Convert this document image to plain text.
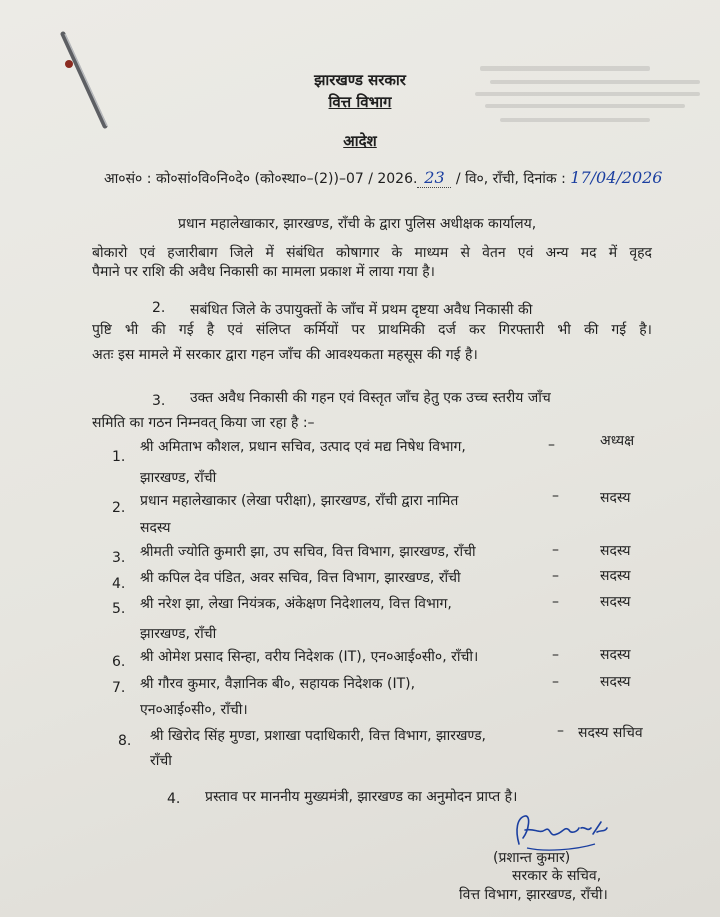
झारखण्ड सरकार
वित्त विभाग
आदेश
आ०सं० : को०सां०वि०नि०दे० (को०स्था०–(2))–07 / 2026. 23 / वि०, राँची, दिनांक : 17/04/2026
प्रधान महालेखाकार, झारखण्ड, राँची के द्वारा पुलिस अधीक्षक कार्यालय,
बोकारो एवं हजारीबाग जिले में संबंधित कोषागार के माध्यम से वेतन एवं अन्य मद में वृहद
पैमाने पर राशि की अवैध निकासी का मामला प्रकाश में लाया गया है।
2. सबंधित जिले के उपायुक्तों के जाँच में प्रथम दृष्टया अवैध निकासी की
पुष्टि भी की गई है एवं संलिप्त कर्मियों पर प्राथमिकी दर्ज कर गिरफ्तारी भी की गई है।
अतः इस मामले में सरकार द्वारा गहन जाँच की आवश्यकता महसूस की गई है।
3. उक्त अवैध निकासी की गहन एवं विस्तृत जाँच हेतु एक उच्च स्तरीय जाँच
समिति का गठन निम्नवत् किया जा रहा है :–
1.
श्री अमिताभ कौशल, प्रधान सचिव, उत्पाद एवं मद्य निषेध विभाग,
झारखण्ड, राँची
–	अध्यक्ष
2. प्रधान महालेखाकार (लेखा परीक्षा), झारखण्ड, राँची द्वारा नामित
सदस्य
–	सदस्य
3. श्रीमती ज्योति कुमारी झा, उप सचिव, वित्त विभाग, झारखण्ड, राँची	–	सदस्य
4. श्री कपिल देव पंडित, अवर सचिव, वित्त विभाग, झारखण्ड, राँची	–	सदस्य
5. श्री नरेश झा, लेखा नियंत्रक, अंकेक्षण निदेशालय, वित्त विभाग,
झारखण्ड, राँची
–	सदस्य
6. श्री ओमेश प्रसाद सिन्हा, वरीय निदेशक (IT), एन०आई०सी०, राँची।	–	सदस्य
7. श्री गौरव कुमार, वैज्ञानिक बी०, सहायक निदेशक (IT),
एन०आई०सी०, राँची।
–	सदस्य
8. श्री खिरोद सिंह मुण्डा, प्रशाखा पदाधिकारी, वित्त विभाग, झारखण्ड,
राँची
– सदस्य सचिव
4. प्रस्ताव पर माननीय मुख्यमंत्री, झारखण्ड का अनुमोदन प्राप्त है।
(प्रशान्त कुमार)
सरकार के सचिव,
वित्त विभाग, झारखण्ड, राँची।
